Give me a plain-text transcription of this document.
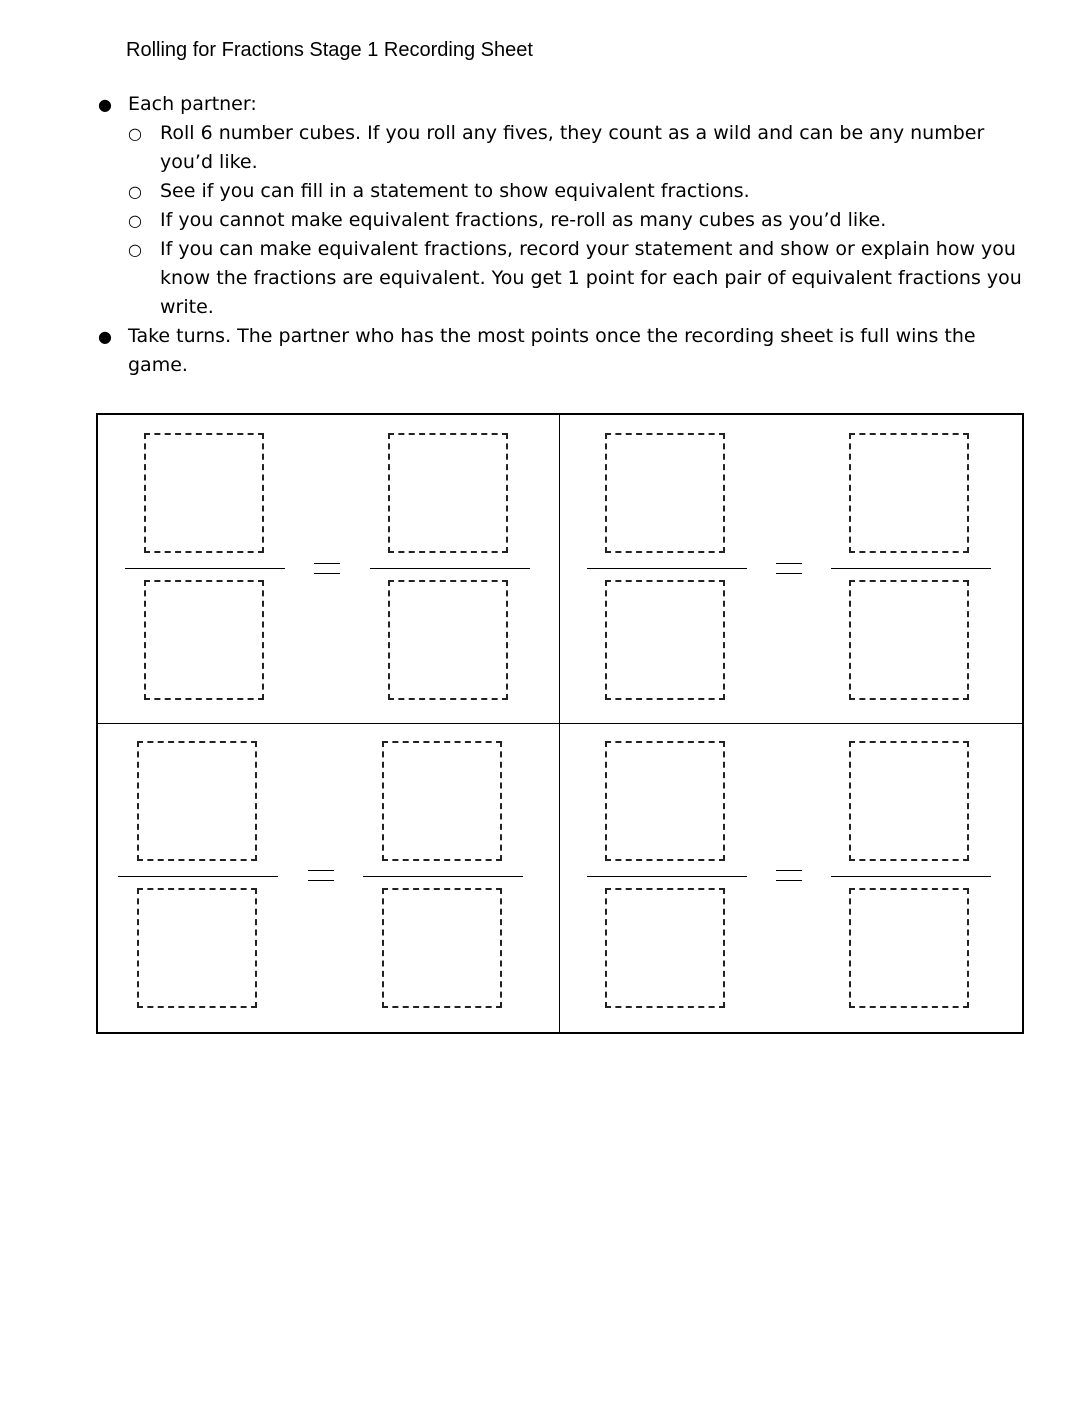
Rolling for Fractions Stage 1 Recording Sheet
● Each partner:
○ Roll 6 number cubes. If you roll any fives, they count as a wild and can be any number you’d like.
○ See if you can fill in a statement to show equivalent fractions.
○ If you cannot make equivalent fractions, re-roll as many cubes as you’d like.
○ If you can make equivalent fractions, record your statement and show or explain how you know the fractions are equivalent. You get 1 point for each pair of equivalent fractions you write.
● Take turns. The partner who has the most points once the recording sheet is full wins the game.
